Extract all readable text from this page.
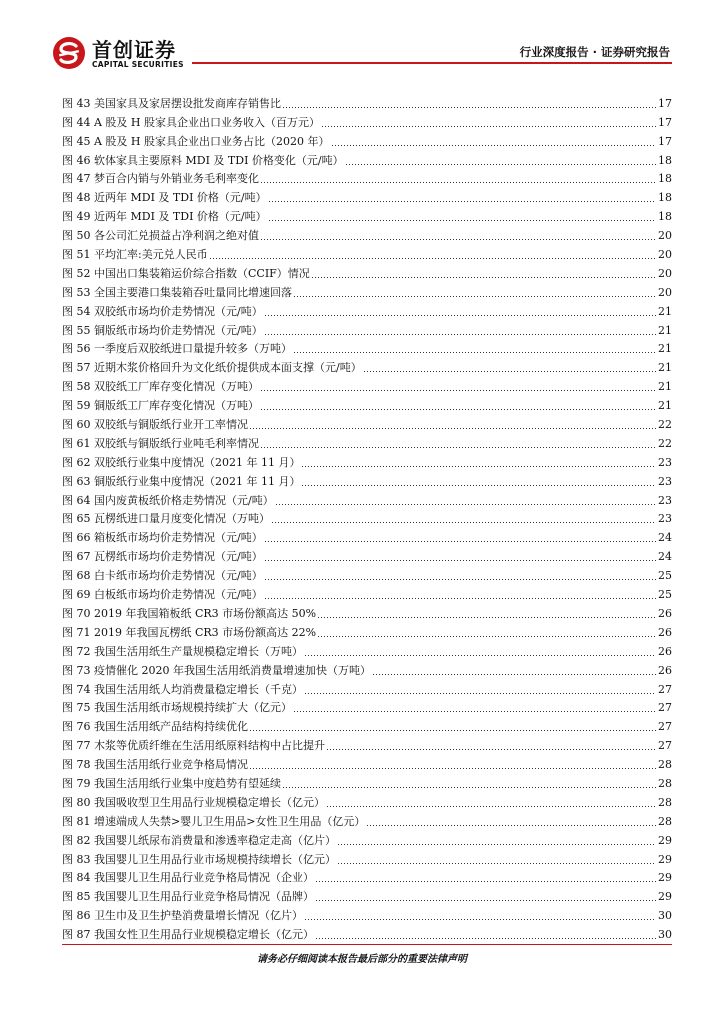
首创证券
CAPITAL SECURITIES
行业深度报告 · 证券研究报告
图 43 美国家具及家居摆设批发商库存销售比	17
图 44 A 股及 H 股家具企业出口业务收入（百万元）	17
图 45 A 股及 H 股家具企业出口业务占比（2020 年）	17
图 46 软体家具主要原料 MDI 及 TDI 价格变化（元/吨）	18
图 47 梦百合内销与外销业务毛利率变化	18
图 48 近两年 MDI 及 TDI 价格（元/吨）	18
图 49 近两年 MDI 及 TDI 价格（元/吨）	18
图 50 各公司汇兑损益占净利润之绝对值	20
图 51 平均汇率:美元兑人民币	20
图 52 中国出口集装箱运价综合指数（CCIF）情况	20
图 53 全国主要港口集装箱吞吐量同比增速回落	20
图 54 双胶纸市场均价走势情况（元/吨）	21
图 55 铜版纸市场均价走势情况（元/吨）	21
图 56 一季度后双胶纸进口量提升较多（万吨）	21
图 57 近期木浆价格回升为文化纸价提供成本面支撑（元/吨）	21
图 58 双胶纸工厂库存变化情况（万吨）	21
图 59 铜版纸工厂库存变化情况（万吨）	21
图 60 双胶纸与铜版纸行业开工率情况	22
图 61 双胶纸与铜版纸行业吨毛利率情况	22
图 62 双胶纸行业集中度情况（2021 年 11 月）	23
图 63 铜版纸行业集中度情况（2021 年 11 月）	23
图 64 国内废黄板纸价格走势情况（元/吨）	23
图 65 瓦楞纸进口量月度变化情况（万吨）	23
图 66 箱板纸市场均价走势情况（元/吨）	24
图 67 瓦楞纸市场均价走势情况（元/吨）	24
图 68 白卡纸市场均价走势情况（元/吨）	25
图 69 白板纸市场均价走势情况（元/吨）	25
图 70 2019 年我国箱板纸 CR3 市场份额高达 50%	26
图 71 2019 年我国瓦楞纸 CR3 市场份额高达 22%	26
图 72 我国生活用纸生产量规模稳定增长（万吨）	26
图 73 疫情催化 2020 年我国生活用纸消费量增速加快（万吨）	26
图 74 我国生活用纸人均消费量稳定增长（千克）	27
图 75 我国生活用纸市场规模持续扩大（亿元）	27
图 76 我国生活用纸产品结构持续优化	27
图 77 木浆等优质纤维在生活用纸原料结构中占比提升	27
图 78 我国生活用纸行业竞争格局情况	28
图 79 我国生活用纸行业集中度趋势有望延续	28
图 80 我国吸收型卫生用品行业规模稳定增长（亿元）	28
图 81 增速端成人失禁>婴儿卫生用品>女性卫生用品（亿元）	28
图 82 我国婴儿纸尿布消费量和渗透率稳定走高（亿片）	29
图 83 我国婴儿卫生用品行业市场规模持续增长（亿元）	29
图 84 我国婴儿卫生用品行业竞争格局情况（企业）	29
图 85 我国婴儿卫生用品行业竞争格局情况（品牌）	29
图 86 卫生巾及卫生护垫消费量增长情况（亿片）	30
图 87 我国女性卫生用品行业规模稳定增长（亿元）	30
请务必仔细阅读本报告最后部分的重要法律声明
